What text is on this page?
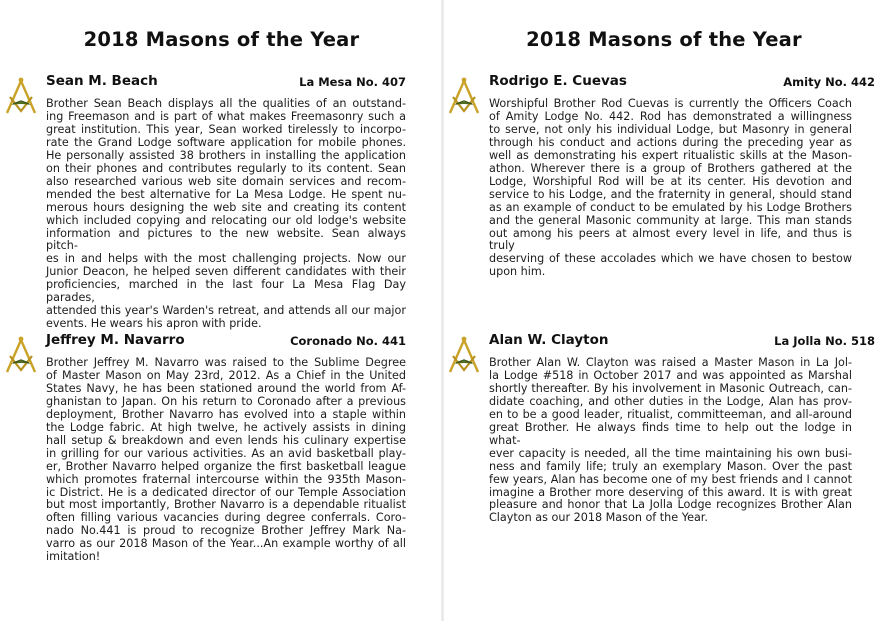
2018 Masons of the Year
Sean M. Beach	La Mesa No. 407
Brother Sean Beach displays all the qualities of an outstand-
ing Freemason and is part of what makes Freemasonry such a
great institution. This year, Sean worked tirelessly to incorpo-
rate the Grand Lodge software application for mobile phones.
He personally assisted 38 brothers in installing the application
on their phones and contributes regularly to its content. Sean
also researched various web site domain services and recom-
mended the best alternative for La Mesa Lodge. He spent nu-
merous hours designing the web site and creating its content
which included copying and relocating our old lodge's website
information and pictures to the new website. Sean always pitch-
es in and helps with the most challenging projects. Now our
Junior Deacon, he helped seven different candidates with their
proficiencies, marched in the last four La Mesa Flag Day parades,
attended this year's Warden's retreat, and attends all our major
events. He wears his apron with pride.
Jeffrey M. Navarro	Coronado No. 441
Brother Jeffrey M. Navarro was raised to the Sublime Degree
of Master Mason on May 23rd, 2012. As a Chief in the United
States Navy, he has been stationed around the world from Af-
ghanistan to Japan. On his return to Coronado after a previous
deployment, Brother Navarro has evolved into a staple within
the Lodge fabric. At high twelve, he actively assists in dining
hall setup & breakdown and even lends his culinary expertise
in grilling for our various activities. As an avid basketball play-
er, Brother Navarro helped organize the first basketball league
which promotes fraternal intercourse within the 935th Mason-
ic District. He is a dedicated director of our Temple Association
but most importantly, Brother Navarro is a dependable ritualist
often filling various vacancies during degree conferrals. Coro-
nado No.441 is proud to recognize Brother Jeffrey Mark Na-
varro as our 2018 Mason of the Year...An example worthy of all
imitation!
2018 Masons of the Year
Rodrigo E. Cuevas	Amity No. 442
Worshipful Brother Rod Cuevas is currently the Officers Coach
of Amity Lodge No. 442. Rod has demonstrated a willingness
to serve, not only his individual Lodge, but Masonry in general
through his conduct and actions during the preceding year as
well as demonstrating his expert ritualistic skills at the Mason-
athon. Wherever there is a group of Brothers gathered at the
Lodge, Worshipful Rod will be at its center. His devotion and
service to his Lodge, and the fraternity in general, should stand
as an example of conduct to be emulated by his Lodge Brothers
and the general Masonic community at large. This man stands
out among his peers at almost every level in life, and thus is truly
deserving of these accolades which we have chosen to bestow
upon him.
Alan W. Clayton	La Jolla No. 518
Brother Alan W. Clayton was raised a Master Mason in La Jol-
la Lodge #518 in October 2017 and was appointed as Marshal
shortly thereafter. By his involvement in Masonic Outreach, can-
didate coaching, and other duties in the Lodge, Alan has prov-
en to be a good leader, ritualist, committeeman, and all-around
great Brother. He always finds time to help out the lodge in what-
ever capacity is needed, all the time maintaining his own busi-
ness and family life; truly an exemplary Mason. Over the past
few years, Alan has become one of my best friends and I cannot
imagine a Brother more deserving of this award. It is with great
pleasure and honor that La Jolla Lodge recognizes Brother Alan
Clayton as our 2018 Mason of the Year.
